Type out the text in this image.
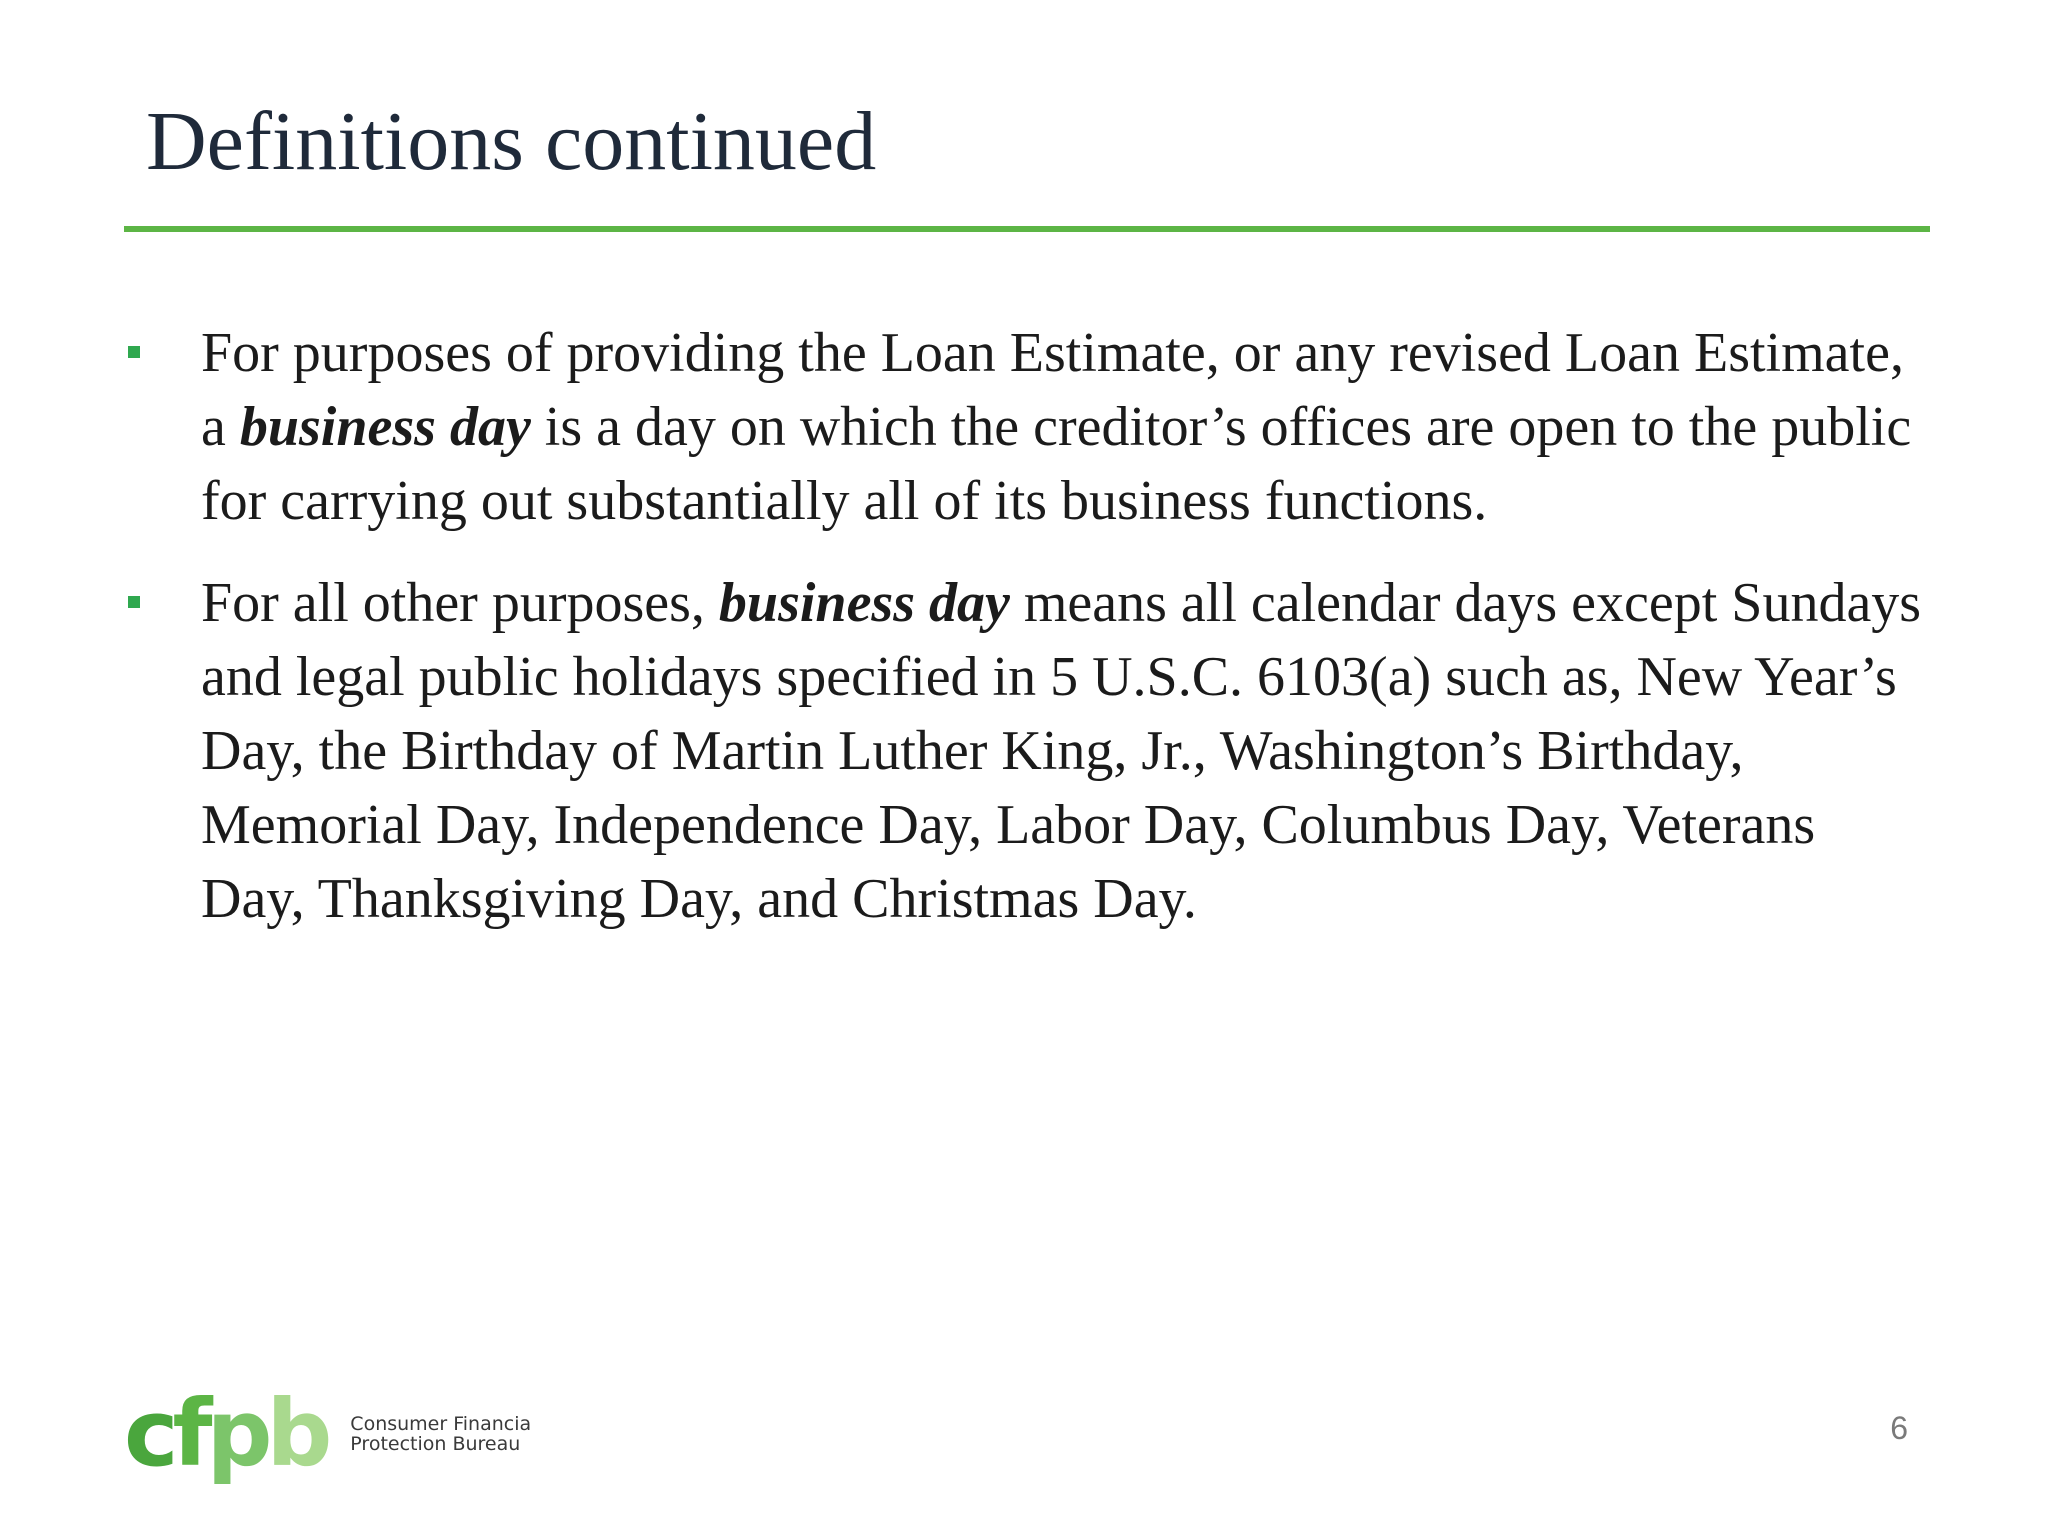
Definitions continued
For purposes of providing the Loan Estimate, or any revised Loan Estimate, a business day is a day on which the creditor’s offices are open to the public for carrying out substantially all of its business functions.
For all other purposes, business day means all calendar days except Sundays and legal public holidays specified in 5 U.S.C. 6103(a) such as, New Year’s Day, the Birthday of Martin Luther King, Jr., Washington’s Birthday, Memorial Day, Independence Day, Labor Day, Columbus Day, Veterans Day, Thanksgiving Day, and Christmas Day.
cfpb Consumer Financia
Protection Bureau	6
